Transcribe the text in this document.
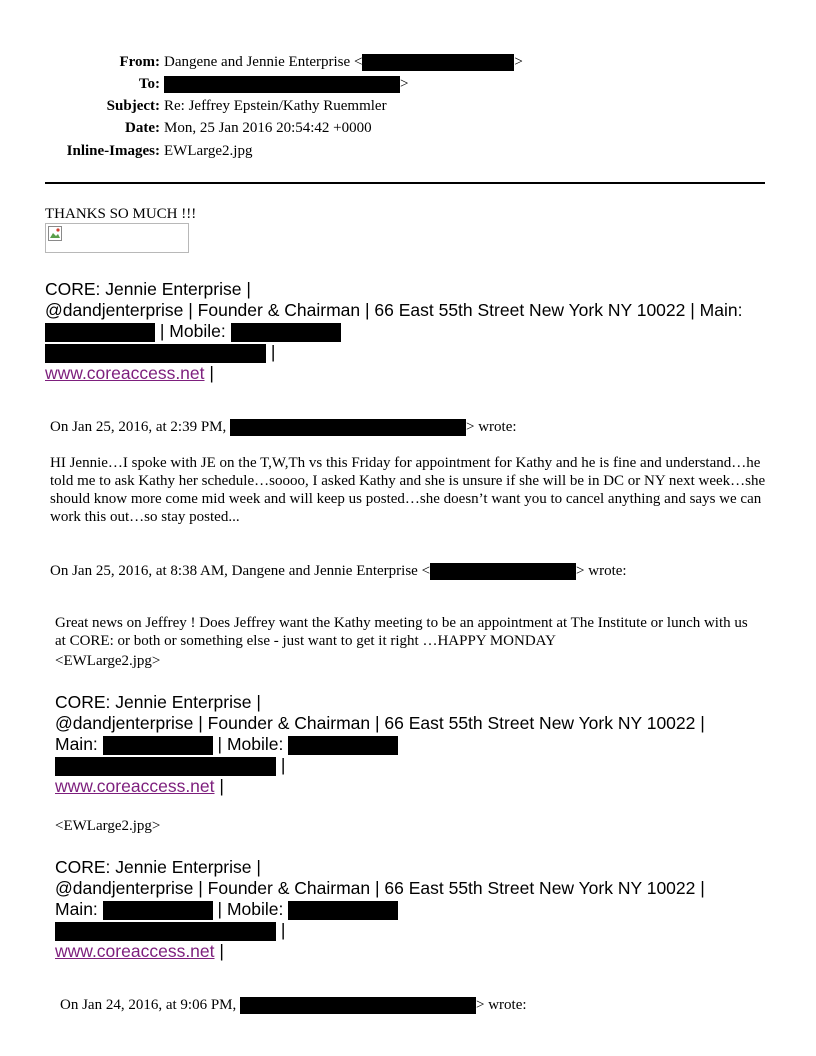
From: Dangene and Jennie Enterprise <	>
To:	>
Subject: Re: Jeffrey Epstein/Kathy Ruemmler
Date: Mon, 25 Jan 2016 20:54:42 +0000
Inline-Images: EWLarge2.jpg
THANKS SO MUCH !!!
CORE: Jennie Enterprise |
@dandjenterprise | Founder & Chairman | 66 East 55th Street New York NY 10022 | Main:
| Mobile:
|
www.coreaccess.net |
On Jan 25, 2016, at 2:39 PM,	> wrote:
HI Jennie…I spoke with JE on the T,W,Th vs this Friday for appointment for Kathy and he is fine and understand…he told me to ask Kathy her schedule…soooo, I asked Kathy and she is unsure if she will be in DC or NY next week…she should know more come mid week and will keep us posted…she doesn’t want you to cancel anything and says we can work this out…so stay posted...
On Jan 25, 2016, at 8:38 AM, Dangene and Jennie Enterprise <	> wrote:
Great news on Jeffrey ! Does Jeffrey want the Kathy meeting to be an appointment at The Institute or lunch with us at CORE: or both or something else - just want to get it right …HAPPY MONDAY
<EWLarge2.jpg>
CORE: Jennie Enterprise |
@dandjenterprise | Founder & Chairman | 66 East 55th Street New York NY 10022 |
Main:	| Mobile:
|
www.coreaccess.net |
<EWLarge2.jpg>
CORE: Jennie Enterprise |
@dandjenterprise | Founder & Chairman | 66 East 55th Street New York NY 10022 |
Main:	| Mobile:
|
www.coreaccess.net |
On Jan 24, 2016, at 9:06 PM,	> wrote:
